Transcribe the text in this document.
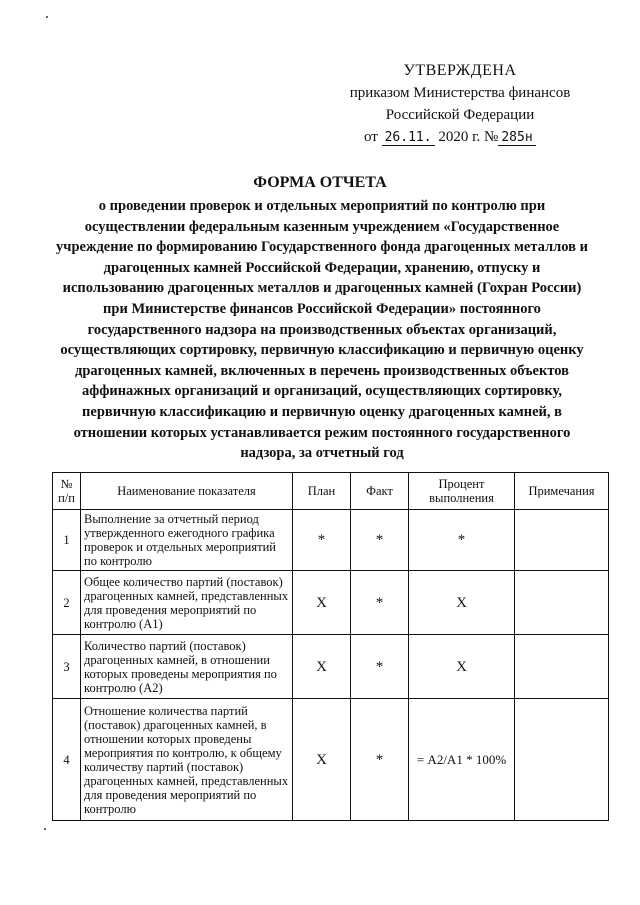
УТВЕРЖДЕНА
приказом Министерства финансов
Российской Федерации
от 26.11. 2020 г. № 285н
ФОРМА ОТЧЕТА
о проведении проверок и отдельных мероприятий по контролю при осуществлении федеральным казенным учреждением «Государственное учреждение по формированию Государственного фонда драгоценных металлов и драгоценных камней Российской Федерации, хранению, отпуску и использованию драгоценных металлов и драгоценных камней (Гохран России) при Министерстве финансов Российской Федерации» постоянного государственного надзора на производственных объектах организаций, осуществляющих сортировку, первичную классификацию и первичную оценку драгоценных камней, включенных в перечень производственных объектов аффинажных организаций и организаций, осуществляющих сортировку, первичную классификацию и первичную оценку драгоценных камней, в отношении которых устанавливается режим постоянного государственного надзора, за отчетный год
№ п/п	Наименование показателя	План	Факт	Процент выполнения	Примечания
1	Выполнение за отчетный период утвержденного ежегодного графика проверок и отдельных мероприятий по контролю	*	*	*	
2	Общее количество партий (поставок) драгоценных камней, представленных для проведения мероприятий по контролю (А1)	X	*	X	
3	Количество партий (поставок) драгоценных камней, в отношении которых проведены мероприятия по контролю (А2)	X	*	X	
4	Отношение количества партий (поставок) драгоценных камней, в отношении которых проведены мероприятия по контролю, к общему количеству партий (поставок) драгоценных камней, представленных для проведения мероприятий по контролю	X	*	= А2/А1 * 100%	
